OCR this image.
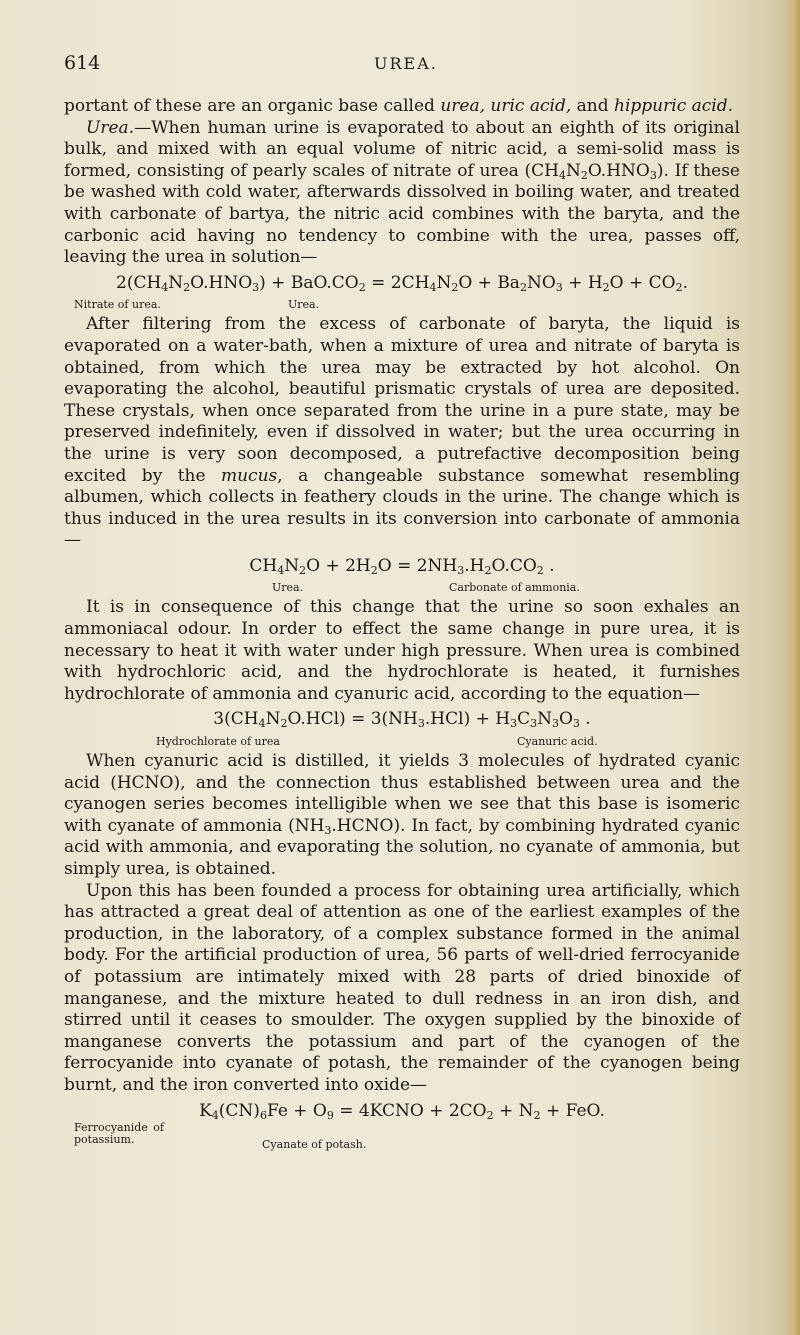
614	UREA.

portant of these are an organic base called urea, uric acid, and hippuric acid.

Urea.—When human urine is evaporated to about an eighth of its original bulk, and mixed with an equal volume of nitric acid, a semi-solid mass is formed, consisting of pearly scales of nitrate of urea $(CH_4N_2O.HNO_3)$. If these be washed with cold water, afterwards dissolved in boiling water, and treated with carbonate of bartya, the nitric acid combines with the baryta, and the carbonic acid having no tendency to combine with the urea, passes off, leaving the urea in solution—

$2(CH_4N_2O.HNO_3) + BaO.CO_2 = 2CH_4N_2O + Ba_2NO_3 + H_2O + CO_2$.
Nitrate of urea.	Urea.

After filtering from the excess of carbonate of baryta, the liquid is evaporated on a water-bath, when a mixture of urea and nitrate of baryta is obtained, from which the urea may be extracted by hot alcohol. On evaporating the alcohol, beautiful prismatic crystals of urea are deposited. These crystals, when once separated from the urine in a pure state, may be preserved indefinitely, even if dissolved in water; but the urea occurring in the urine is very soon decomposed, a putrefactive decomposition being excited by the mucus, a changeable substance somewhat resembling albumen, which collects in feathery clouds in the urine. The change which is thus induced in the urea results in its conversion into carbonate of ammonia—

$CH_4N_2O + 2H_2O = 2NH_3.H_2O.CO_2$ .
Urea.	Carbonate of ammonia.

It is in consequence of this change that the urine so soon exhales an ammoniacal odour. In order to effect the same change in pure urea, it is necessary to heat it with water under high pressure. When urea is combined with hydrochloric acid, and the hydrochlorate is heated, it furnishes hydrochlorate of ammonia and cyanuric acid, according to the equation—

$3(CH_4N_2O.HCl) = 3(NH_3.HCl) + H_3C_3N_3O_3$ .
Hydrochlorate of urea	Cyanuric acid.

When cyanuric acid is distilled, it yields 3 molecules of hydrated cyanic acid (HCNO), and the connection thus established between urea and the cyanogen series becomes intelligible when we see that this base is isomeric with cyanate of ammonia $(NH_3.HCNO)$. In fact, by combining hydrated cyanic acid with ammonia, and evaporating the solution, no cyanate of ammonia, but simply urea, is obtained.

Upon this has been founded a process for obtaining urea artificially, which has attracted a great deal of attention as one of the earliest examples of the production, in the laboratory, of a complex substance formed in the animal body. For the artificial production of urea, 56 parts of well-dried ferrocyanide of potassium are intimately mixed with 28 parts of dried binoxide of manganese, and the mixture heated to dull redness in an iron dish, and stirred until it ceases to smoulder. The oxygen supplied by the binoxide of manganese converts the potassium and part of the cyanogen of the ferrocyanide into cyanate of potash, the remainder of the cyanogen being burnt, and the iron converted into oxide—

$K_4(CN)_6Fe + O_9$ = 4KCNO + $2CO_2 + N_2$ + FeO.
Ferrocyanide of potassium.	Cyanate of potash.
